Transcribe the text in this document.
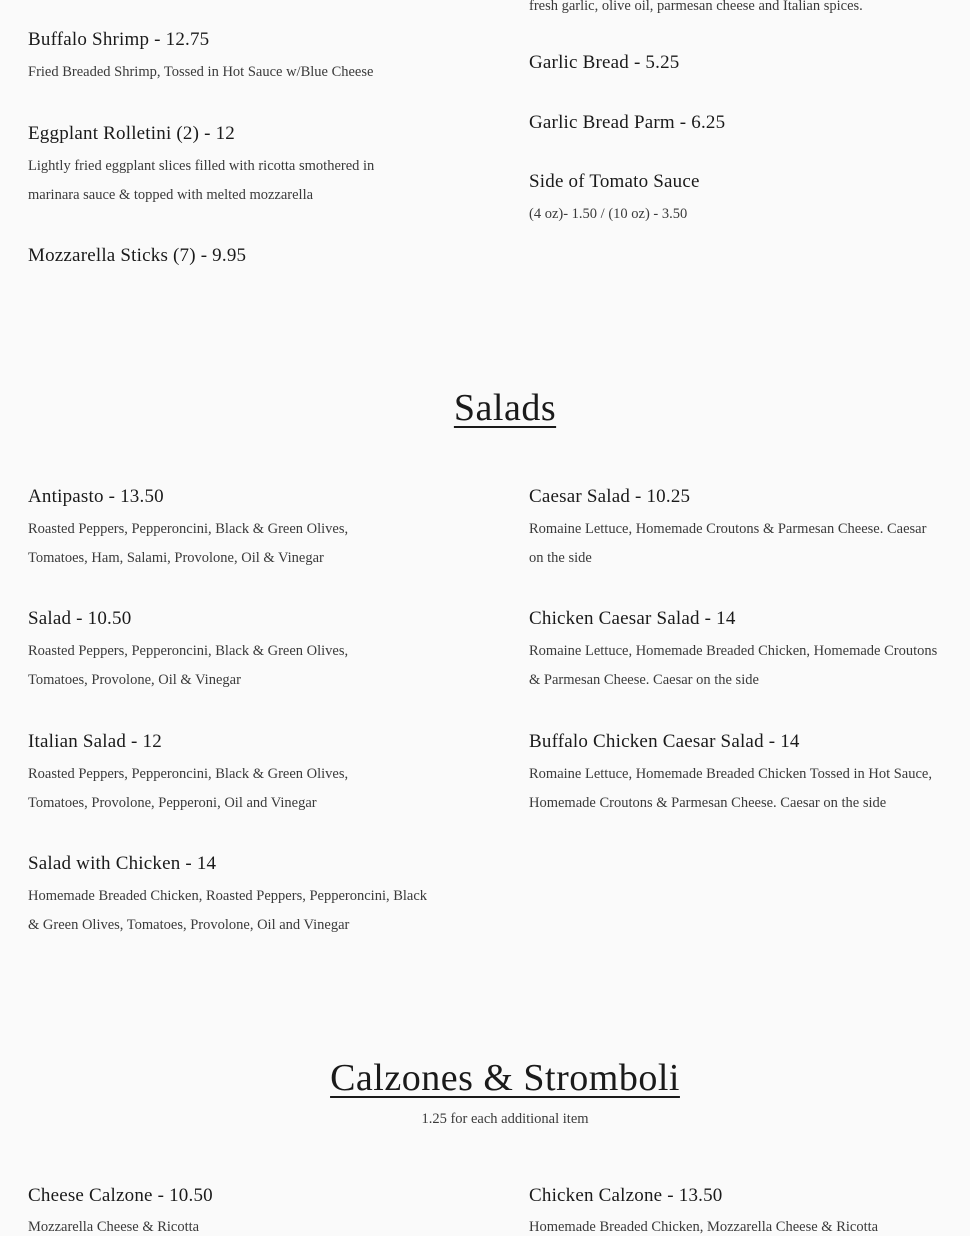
fresh garlic, olive oil, parmesan cheese and Italian spices.
Buffalo Shrimp - 12.75

Fried Breaded Shrimp, Tossed in Hot Sauce w/Blue Cheese

Eggplant Rolletini (2) - 12

Lightly fried eggplant slices filled with ricotta smothered in marinara sauce & topped with melted mozzarella

Mozzarella Sticks (7) - 9.95
Garlic Bread - 5.25
Garlic Bread Parm - 6.25
Side of Tomato Sauce

(4 oz)- 1.50 / (10 oz) - 3.50

Salads
Antipasto - 13.50

Roasted Peppers, Pepperoncini, Black & Green Olives, Tomatoes, Ham, Salami, Provolone, Oil & Vinegar

Salad - 10.50

Roasted Peppers, Pepperoncini, Black & Green Olives, Tomatoes, Provolone, Oil & Vinegar

Italian Salad - 12

Roasted Peppers, Pepperoncini, Black & Green Olives, Tomatoes, Provolone, Pepperoni, Oil and Vinegar

Salad with Chicken - 14

Homemade Breaded Chicken, Roasted Peppers, Pepperoncini, Black & Green Olives, Tomatoes, Provolone, Oil and Vinegar

Caesar Salad - 10.25

Romaine Lettuce, Homemade Croutons & Parmesan Cheese. Caesar on the side

Chicken Caesar Salad - 14

Romaine Lettuce, Homemade Breaded Chicken, Homemade Croutons & Parmesan Cheese. Caesar on the side

Buffalo Chicken Caesar Salad - 14

Romaine Lettuce, Homemade Breaded Chicken Tossed in Hot Sauce, Homemade Croutons & Parmesan Cheese. Caesar on the side

Calzones & Stromboli
1.25 for each additional item
Cheese Calzone - 10.50
Mozzarella Cheese & Ricotta
Chicken Calzone - 13.50
Homemade Breaded Chicken, Mozzarella Cheese & Ricotta
